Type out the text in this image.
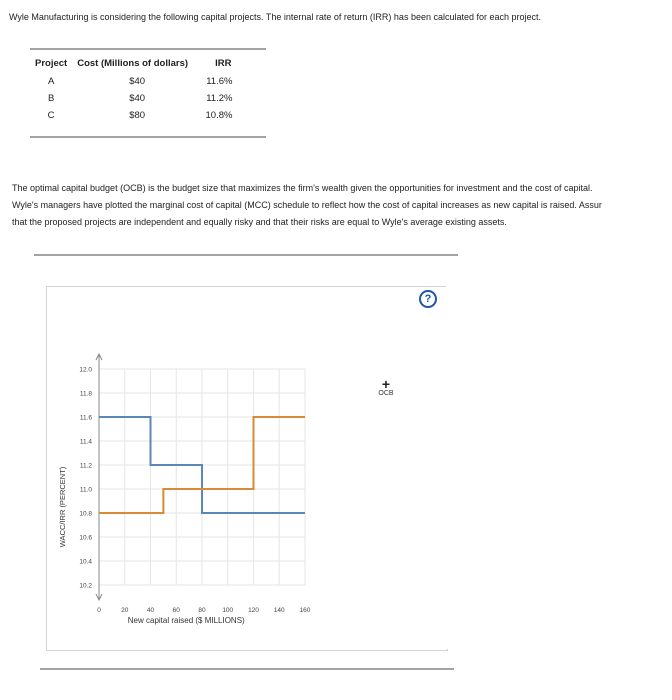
Wyle Manufacturing is considering the following capital projects. The internal rate of return (IRR) has been calculated for each project.
Project	Cost (Millions of dollars)	IRR
A	$40	11.6%
B	$40	11.2%
C	$80	10.8%

The optimal capital budget (OCB) is the budget size that maximizes the firm's wealth given the opportunities for investment and the cost of capital.

Wyle's managers have plotted the marginal cost of capital (MCC) schedule to reflect how the cost of capital increases as new capital is raised. Assur

that the proposed projects are independent and equally risky and that their risks are equal to Wyle's average existing assets.

12.0
11.8
11.6
11.4
11.2
11.0
10.8
10.6
10.4
10.2
0	20	40	60	80	100 120 140 160
New capital raised ($ MILLIONS)
WACC/IRR (PERCENT)
?
+
OCB
